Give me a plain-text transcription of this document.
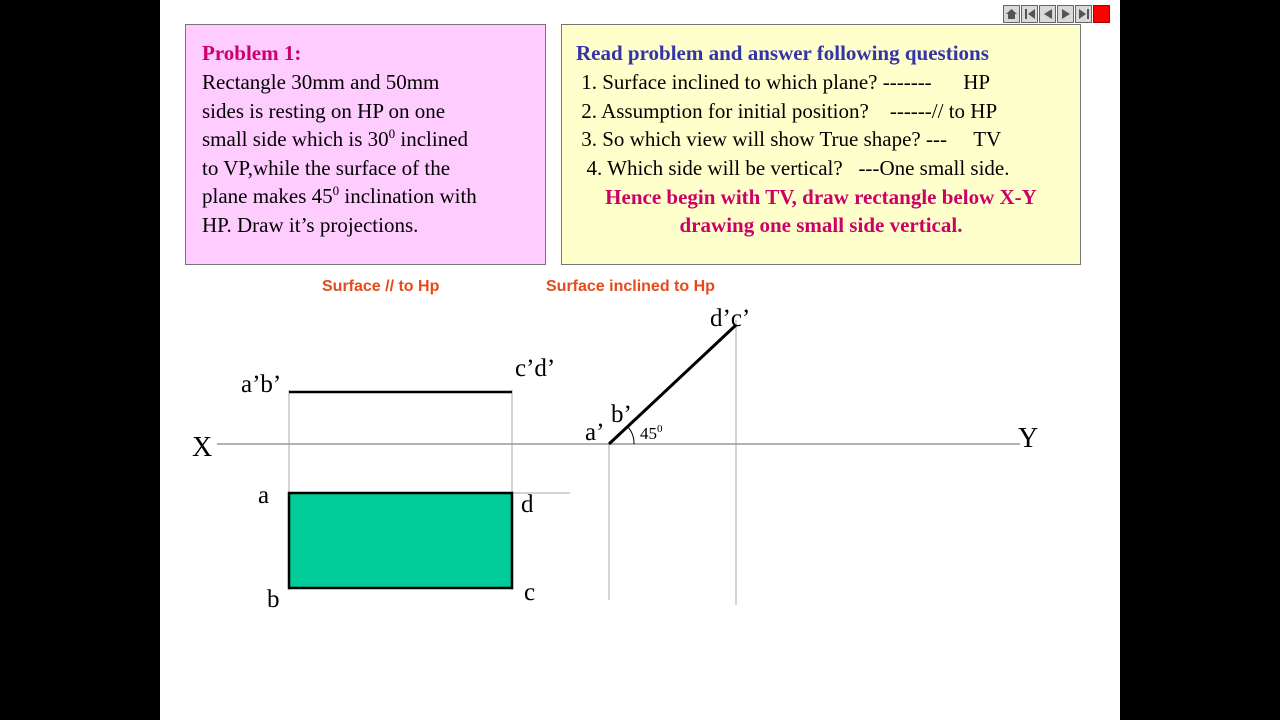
Problem 1:
Rectangle 30mm and 50mm
sides is resting on HP on one
small side which is $30^0$ inclined
to VP,while the surface of the
plane makes $45^0$ inclination with
HP. Draw it’s projections.
Read problem and answer following questions
1. Surface inclined to which plane? ------- HP
2. Assumption for initial position?    ------ // to HP
3. So which view will show True shape? --- TV
4. Which side will be vertical?   --- One small side.
Hence begin with TV, draw rectangle below X-Y
drawing one small side vertical.
Surface // to Hp	Surface inclined to Hp
X	Y
a’b’
c’d’
a	d
b	c
a’
b’
d’c’
$45^0$
